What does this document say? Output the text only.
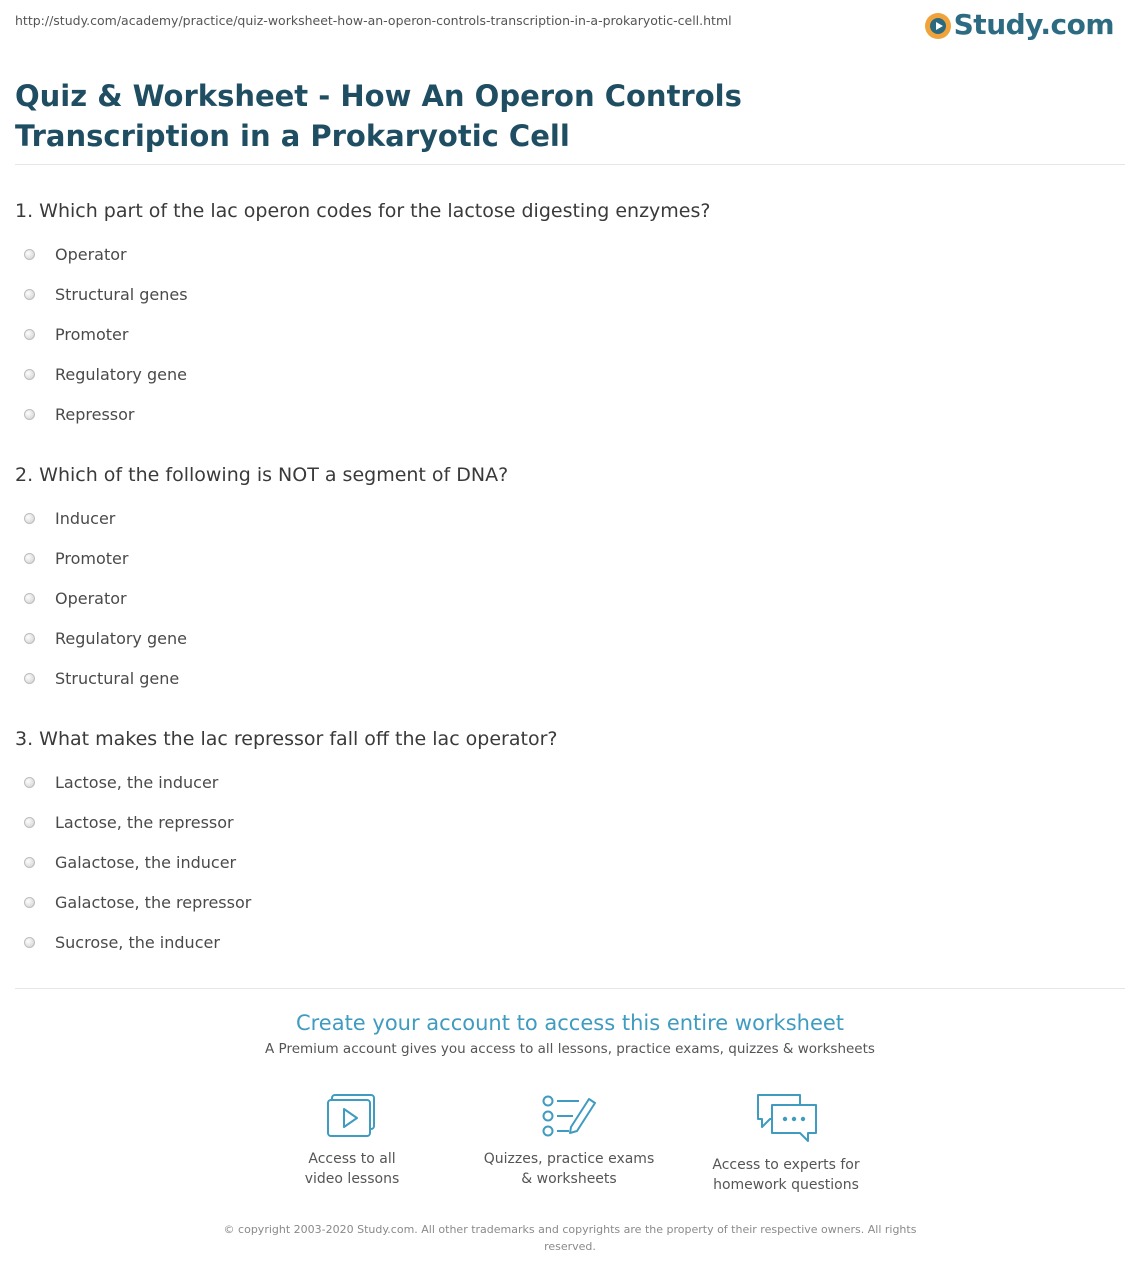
http://study.com/academy/practice/quiz-worksheet-how-an-operon-controls-transcription-in-a-prokaryotic-cell.html	Study.com
Quiz & Worksheet - How An Operon Controls Transcription in a Prokaryotic Cell
1. Which part of the lac operon codes for the lactose digesting enzymes?
Operator
Structural genes
Promoter
Regulatory gene
Repressor
2. Which of the following is NOT a segment of DNA?
Inducer
Promoter
Operator
Regulatory gene
Structural gene
3. What makes the lac repressor fall off the lac operator?
Lactose, the inducer
Lactose, the repressor
Galactose, the inducer
Galactose, the repressor
Sucrose, the inducer
Create your account to access this entire worksheet
A Premium account gives you access to all lessons, practice exams, quizzes & worksheets
Access to all
video lessons
Quizzes, practice exams
& worksheets
Access to experts for
homework questions
© copyright 2003-2020 Study.com. All other trademarks and copyrights are the property of their respective owners. All rights reserved.
